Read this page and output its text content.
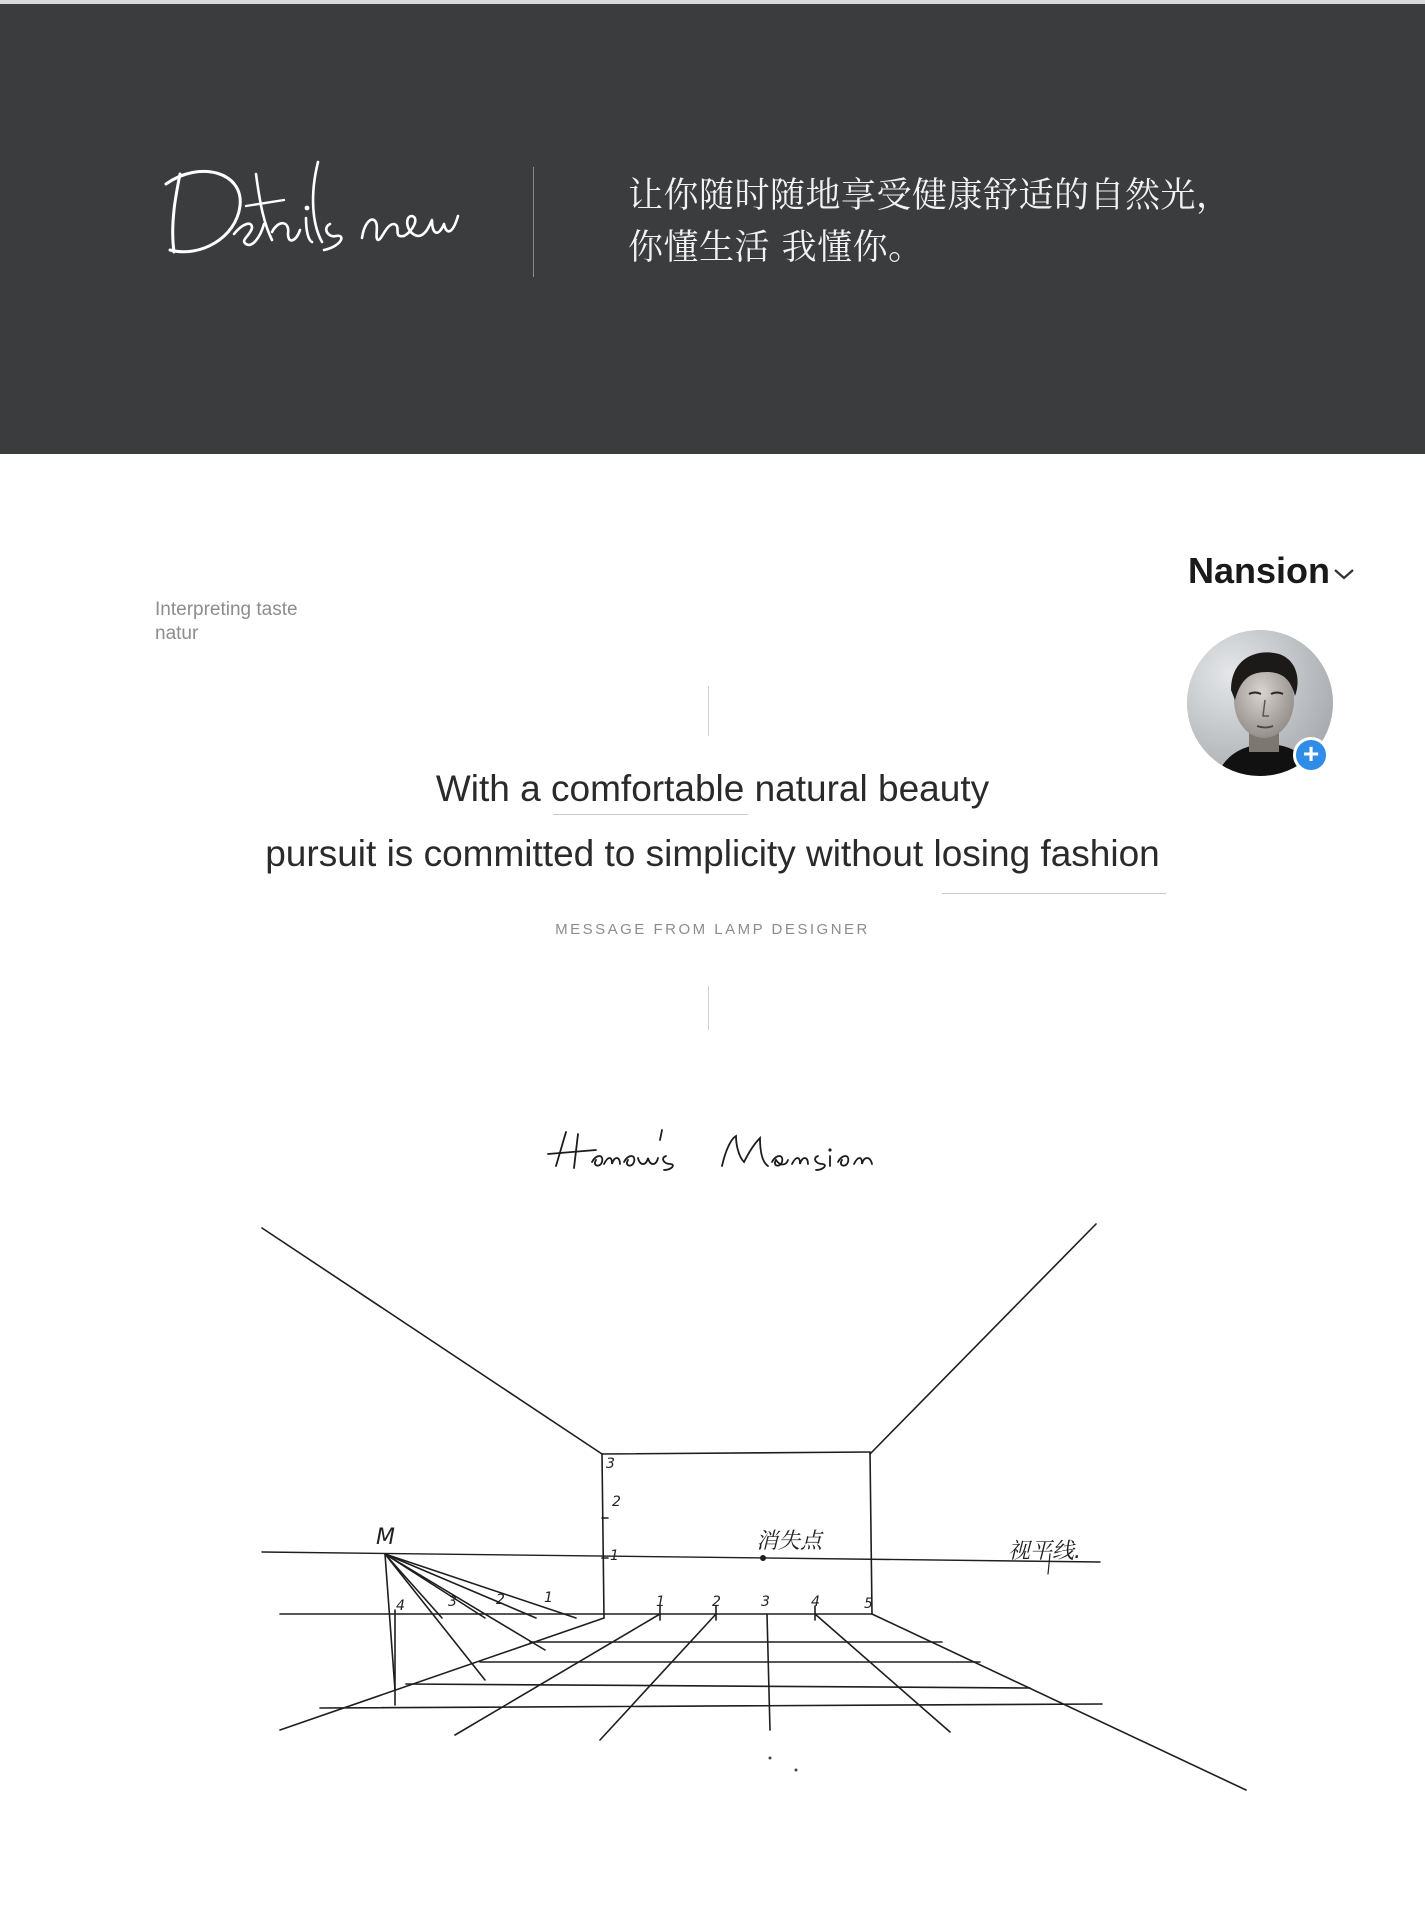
让你随时随地享受健康舒适的自然光，
你懂生活 我懂你。
Interpreting taste
natur
Nansion
+
With a comfortable natural beauty
pursuit is committed to simplicity without losing fashion
MESSAGE FROM LAMP DESIGNER
M	消失点	视平线.
3
2
1
4	3	2	1	1	2	3	4	5
